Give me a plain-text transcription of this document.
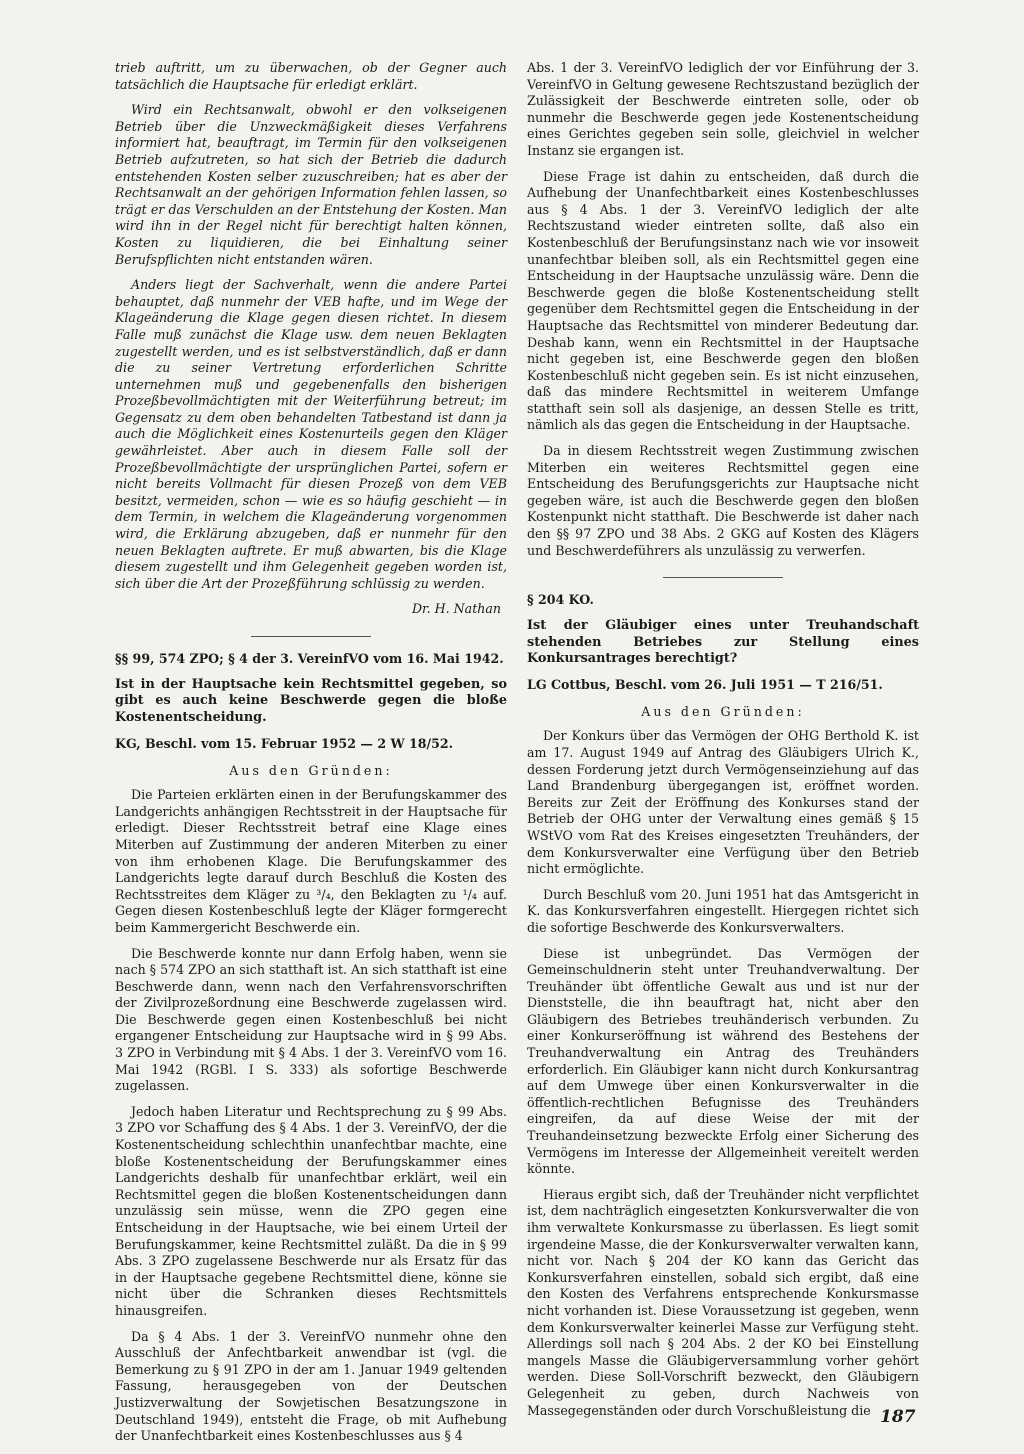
trieb auftritt, um zu überwachen, ob der Gegner auch tatsächlich die Hauptsache für erledigt erklärt.

Wird ein Rechtsanwalt, obwohl er den volkseigenen Betrieb über die Unzweckmäßigkeit dieses Verfahrens informiert hat, beauftragt, im Termin für den volkseigenen Betrieb aufzutreten, so hat sich der Betrieb die dadurch entstehenden Kosten selber zuzuschreiben; hat es aber der Rechtsanwalt an der gehörigen Information fehlen lassen, so trägt er das Verschulden an der Entstehung der Kosten. Man wird ihn in der Regel nicht für berechtigt halten können, Kosten zu liquidieren, die bei Einhaltung seiner Berufspflichten nicht entstanden wären.

Anders liegt der Sachverhalt, wenn die andere Partei behauptet, daß nunmehr der VEB hafte, und im Wege der Klageänderung die Klage gegen diesen richtet. In diesem Falle muß zunächst die Klage usw. dem neuen Beklagten zugestellt werden, und es ist selbstverständlich, daß er dann die zu seiner Vertretung erforderlichen Schritte unternehmen muß und gegebenenfalls den bisherigen Prozeßbevollmächtigten mit der Weiterführung betreut; im Gegensatz zu dem oben behandelten Tatbestand ist dann ja auch die Möglichkeit eines Kostenurteils gegen den Kläger gewährleistet. Aber auch in diesem Falle soll der Prozeßbevollmächtigte der ursprünglichen Partei, sofern er nicht bereits Vollmacht für diesen Prozeß von dem VEB besitzt, vermeiden, schon — wie es so häufig geschieht — in dem Termin, in welchem die Klageänderung vorgenommen wird, die Erklärung abzugeben, daß er nunmehr für den neuen Beklagten auftrete. Er muß abwarten, bis die Klage diesem zugestellt und ihm Gelegenheit gegeben worden ist, sich über die Art der Prozeßführung schlüssig zu werden.

Dr. H. Nathan

§§ 99, 574 ZPO; § 4 der 3. VereinfVO vom 16. Mai 1942.

Ist in der Hauptsache kein Rechtsmittel gegeben, so gibt es auch keine Beschwerde gegen die bloße Kostenentscheidung.

KG, Beschl. vom 15. Februar 1952 — 2 W 18/52.

Aus den Gründen:

Die Parteien erklärten einen in der Berufungskammer des Landgerichts anhängigen Rechtsstreit in der Hauptsache für erledigt. Dieser Rechtsstreit betraf eine Klage eines Miterben auf Zustimmung der anderen Miterben zu einer von ihm erhobenen Klage. Die Berufungskammer des Landgerichts legte darauf durch Beschluß die Kosten des Rechtsstreites dem Kläger zu ³/₄, den Beklagten zu ¹/₄ auf. Gegen diesen Kostenbeschluß legte der Kläger formgerecht beim Kammergericht Beschwerde ein.

Die Beschwerde konnte nur dann Erfolg haben, wenn sie nach § 574 ZPO an sich statthaft ist. An sich statthaft ist eine Beschwerde dann, wenn nach den Verfahrensvorschriften der Zivilprozeßordnung eine Beschwerde zugelassen wird. Die Beschwerde gegen einen Kostenbeschluß bei nicht ergangener Entscheidung zur Hauptsache wird in § 99 Abs. 3 ZPO in Verbindung mit § 4 Abs. 1 der 3. VereinfVO vom 16. Mai 1942 (RGBl. I S. 333) als sofortige Beschwerde zugelassen.

Jedoch haben Literatur und Rechtsprechung zu § 99 Abs. 3 ZPO vor Schaffung des § 4 Abs. 1 der 3. VereinfVO, der die Kostenentscheidung schlechthin unanfechtbar machte, eine bloße Kostenentscheidung der Berufungskammer eines Landgerichts deshalb für unanfechtbar erklärt, weil ein Rechtsmittel gegen die bloßen Kostenentscheidungen dann unzulässig sein müsse, wenn die ZPO gegen eine Entscheidung in der Hauptsache, wie bei einem Urteil der Berufungskammer, keine Rechtsmittel zuläßt. Da die in § 99 Abs. 3 ZPO zugelassene Beschwerde nur als Ersatz für das in der Hauptsache gegebene Rechtsmittel diene, könne sie nicht über die Schranken dieses Rechtsmittels hinausgreifen.

Da § 4 Abs. 1 der 3. VereinfVO nunmehr ohne den Ausschluß der Anfechtbarkeit anwendbar ist (vgl. die Bemerkung zu § 91 ZPO in der am 1. Januar 1949 geltenden Fassung, herausgegeben von der Deutschen Justizverwaltung der Sowjetischen Besatzungszone in Deutschland 1949), entsteht die Frage, ob mit Aufhebung der Unanfechtbarkeit eines Kostenbeschlusses aus § 4

Abs. 1 der 3. VereinfVO lediglich der vor Einführung der 3. VereinfVO in Geltung gewesene Rechtszustand bezüglich der Zulässigkeit der Beschwerde eintreten solle, oder ob nunmehr die Beschwerde gegen jede Kostenentscheidung eines Gerichtes gegeben sein solle, gleichviel in welcher Instanz sie ergangen ist.

Diese Frage ist dahin zu entscheiden, daß durch die Aufhebung der Unanfechtbarkeit eines Kostenbeschlusses aus § 4 Abs. 1 der 3. VereinfVO lediglich der alte Rechtszustand wieder eintreten sollte, daß also ein Kostenbeschluß der Berufungsinstanz nach wie vor insoweit unanfechtbar bleiben soll, als ein Rechtsmittel gegen eine Entscheidung in der Hauptsache unzulässig wäre. Denn die Beschwerde gegen die bloße Kostenentscheidung stellt gegenüber dem Rechtsmittel gegen die Entscheidung in der Hauptsache das Rechtsmittel von minderer Bedeutung dar. Deshab kann, wenn ein Rechtsmittel in der Hauptsache nicht gegeben ist, eine Beschwerde gegen den bloßen Kostenbeschluß nicht gegeben sein. Es ist nicht einzusehen, daß das mindere Rechtsmittel in weiterem Umfange statthaft sein soll als dasjenige, an dessen Stelle es tritt, nämlich als das gegen die Entscheidung in der Hauptsache.

Da in diesem Rechtsstreit wegen Zustimmung zwischen Miterben ein weiteres Rechtsmittel gegen eine Entscheidung des Berufungsgerichts zur Hauptsache nicht gegeben wäre, ist auch die Beschwerde gegen den bloßen Kostenpunkt nicht statthaft. Die Beschwerde ist daher nach den §§ 97 ZPO und 38 Abs. 2 GKG auf Kosten des Klägers und Beschwerdeführers als unzulässig zu verwerfen.

§ 204 KO.

Ist der Gläubiger eines unter Treuhandschaft stehenden Betriebes zur Stellung eines Konkursantrages berechtigt?

LG Cottbus, Beschl. vom 26. Juli 1951 — T 216/51.

Aus den Gründen:

Der Konkurs über das Vermögen der OHG Berthold K. ist am 17. August 1949 auf Antrag des Gläubigers Ulrich K., dessen Forderung jetzt durch Vermögenseinziehung auf das Land Brandenburg übergegangen ist, eröffnet worden. Bereits zur Zeit der Eröffnung des Konkurses stand der Betrieb der OHG unter der Verwaltung eines gemäß § 15 WStVO vom Rat des Kreises eingesetzten Treuhänders, der dem Konkursverwalter eine Verfügung über den Betrieb nicht ermöglichte.

Durch Beschluß vom 20. Juni 1951 hat das Amtsgericht in K. das Konkursverfahren eingestellt. Hiergegen richtet sich die sofortige Beschwerde des Konkursverwalters.

Diese ist unbegründet. Das Vermögen der Gemeinschuldnerin steht unter Treuhandverwaltung. Der Treuhänder übt öffentliche Gewalt aus und ist nur der Dienststelle, die ihn beauftragt hat, nicht aber den Gläubigern des Betriebes treuhänderisch verbunden. Zu einer Konkurseröffnung ist während des Bestehens der Treuhandverwaltung ein Antrag des Treuhänders erforderlich. Ein Gläubiger kann nicht durch Konkursantrag auf dem Umwege über einen Konkursverwalter in die öffentlich-rechtlichen Befugnisse des Treuhänders eingreifen, da auf diese Weise der mit der Treuhandeinsetzung bezweckte Erfolg einer Sicherung des Vermögens im Interesse der Allgemeinheit vereitelt werden könnte.

Hieraus ergibt sich, daß der Treuhänder nicht verpflichtet ist, dem nachträglich eingesetzten Konkursverwalter die von ihm verwaltete Konkursmasse zu überlassen. Es liegt somit irgendeine Masse, die der Konkursverwalter verwalten kann, nicht vor. Nach § 204 der KO kann das Gericht das Konkursverfahren einstellen, sobald sich ergibt, daß eine den Kosten des Verfahrens entsprechende Konkursmasse nicht vorhanden ist. Diese Voraussetzung ist gegeben, wenn dem Konkursverwalter keinerlei Masse zur Verfügung steht. Allerdings soll nach § 204 Abs. 2 der KO bei Einstellung mangels Masse die Gläubigerversammlung vorher gehört werden. Diese Soll-Vorschrift bezweckt, den Gläubigern Gelegenheit zu geben, durch Nachweis von Massegegenständen oder durch Vorschußleistung die 187
